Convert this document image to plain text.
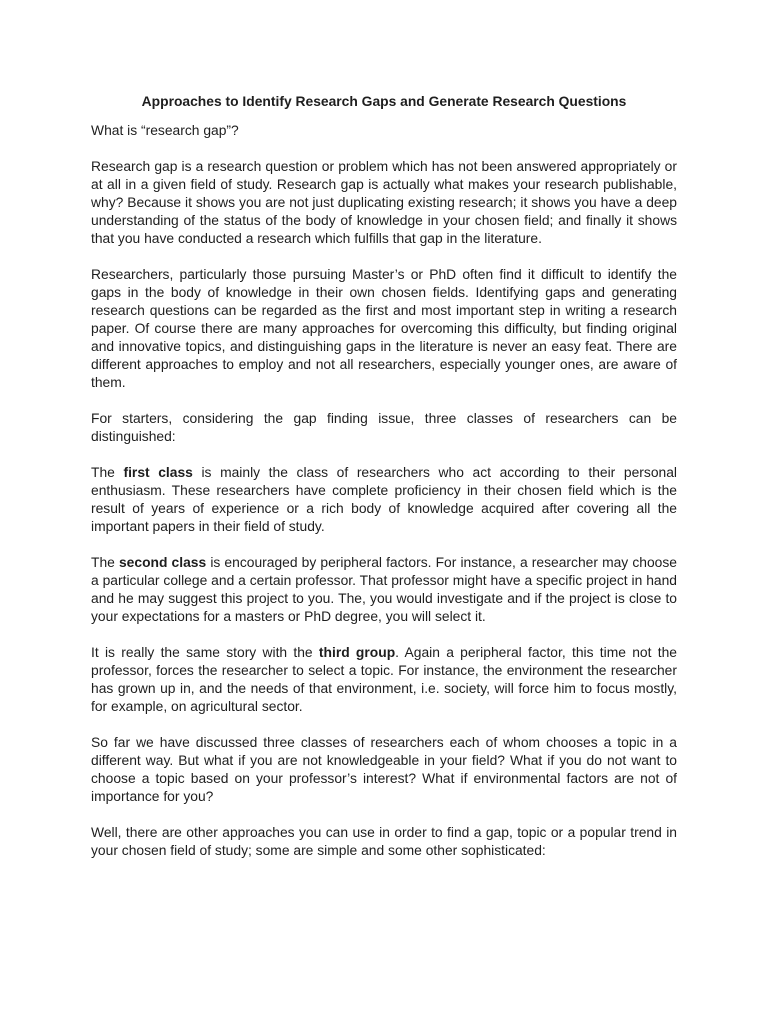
Approaches to Identify Research Gaps and Generate Research Questions
What is “research gap”?

Research gap is a research question or problem which has not been answered appropriately or at all in a given field of study. Research gap is actually what makes your research publishable, why? Because it shows you are not just duplicating existing research; it shows you have a deep understanding of the status of the body of knowledge in your chosen field; and finally it shows that you have conducted a research which fulfills that gap in the literature.

Researchers, particularly those pursuing Master’s or PhD often find it difficult to identify the gaps in the body of knowledge in their own chosen fields. Identifying gaps and generating research questions can be regarded as the first and most important step in writing a research paper. Of course there are many approaches for overcoming this difficulty, but finding original and innovative topics, and distinguishing gaps in the literature is never an easy feat. There are different approaches to employ and not all researchers, especially younger ones, are aware of them.

For starters, considering the gap finding issue, three classes of researchers can be distinguished:

The first class is mainly the class of researchers who act according to their personal enthusiasm. These researchers have complete proficiency in their chosen field which is the result of years of experience or a rich body of knowledge acquired after covering all the important papers in their field of study.

The second class is encouraged by peripheral factors. For instance, a researcher may choose a particular college and a certain professor. That professor might have a specific project in hand and he may suggest this project to you. The, you would investigate and if the project is close to your expectations for a masters or PhD degree, you will select it.

It is really the same story with the third group. Again a peripheral factor, this time not the professor, forces the researcher to select a topic. For instance, the environment the researcher has grown up in, and the needs of that environment, i.e. society, will force him to focus mostly, for example, on agricultural sector.

So far we have discussed three classes of researchers each of whom chooses a topic in a different way. But what if you are not knowledgeable in your field? What if you do not want to choose a topic based on your professor’s interest? What if environmental factors are not of importance for you?

Well, there are other approaches you can use in order to find a gap, topic or a popular trend in your chosen field of study; some are simple and some other sophisticated:
